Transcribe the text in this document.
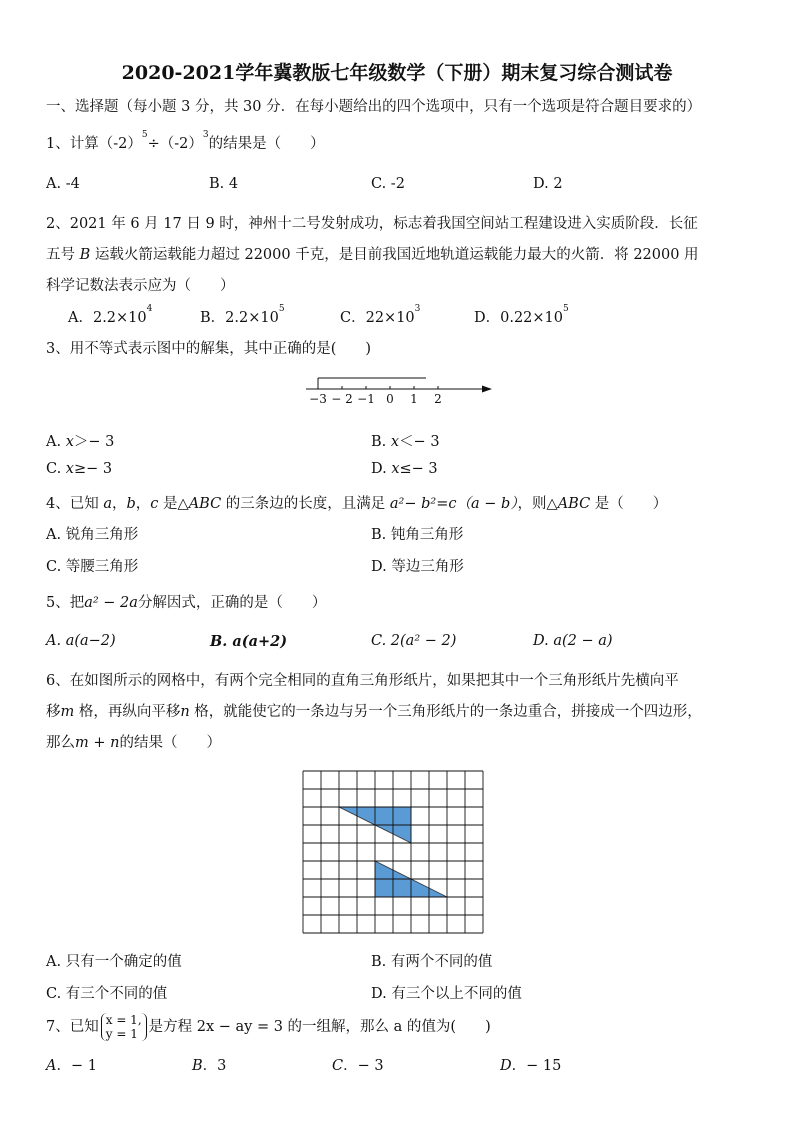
2020-2021学年冀教版七年级数学（下册）期末复习综合测试卷
一、选择题（每小题 3 分，共 30 分．在每小题给出的四个选项中，只有一个选项是符合题目要求的）
1、计算$(-2)^5\div(-2)^3$的结果是（　　）
A. -4	B. 4	C. -2	D. 2
2、2021 年 6 月 17 日 9 时，神州十二号发射成功，标志着我国空间站工程建设进入实质阶段．长征
五号 B 运载火箭运载能力超过 22000 千克，是目前我国近地轨道运载能力最大的火箭．将 22000 用
科学记数法表示应为（　　）
A．$2.2\times 10^4$
B．$2.2\times 10^5$
C．$22\times 10^3$
D．$0.22\times 10^5$
3、用不等式表示图中的解集，其中正确的是(　　)
−3 − 2 −1 0 1 2
A. x＞− 3	B. x＜− 3
C. x≥− 3	D. x≤− 3
4、已知 a，b，c 是△ABC 的三条边的长度，且满足 a²− b²=c（a − b），则△ABC 是（　　）
A. 锐角三角形	B. 钝角三角形
C. 等腰三角形	D. 等边三角形
5、把a² − 2a分解因式，正确的是（　　）
A. a(a−2)	B. a(a+2)	C. 2(a² − 2)	D. a(2 − a)
6、在如图所示的网格中，有两个完全相同的直角三角形纸片，如果把其中一个三角形纸片先横向平
移m 格，再纵向平移n 格，就能使它的一条边与另一个三角形纸片的一条边重合，拼接成一个四边形，
那么m + n的结果（　　）
A. 只有一个确定的值	B. 有两个不同的值
C. 有三个不同的值	D. 有三个以上不同的值
7、已知 x = 1,
y = 1 是方程 2x − ay = 3 的一组解，那么 a 的值为(　　)
A．− 1	B．3	C．− 3	D．− 15
